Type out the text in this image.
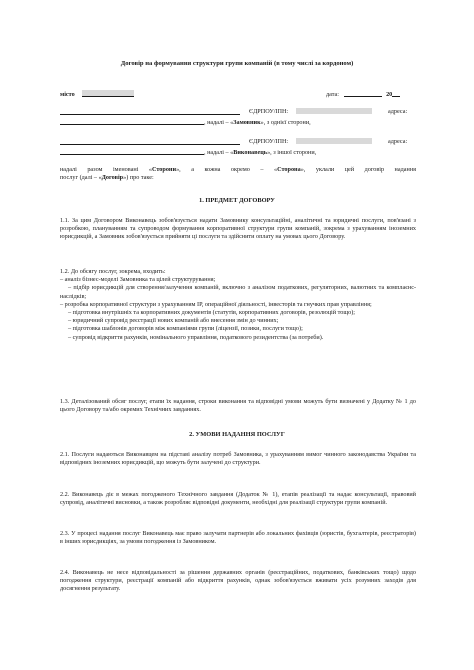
Договір на формування структури групи компаній (в тому числі за кордоном)
місто	дата:	20
ЄДРПОУ/ІПН:	адреса:
, надалі – «Замовник», з однієї сторони,
ЄДРПОУ/ІПН:	адреса:
, надалі – «Виконавець», з іншої сторони,

надалі разом іменовані «Сторони», а кожна окремо – «Сторона», уклали цей договір надання

послуг (далі – «Договір») про таке:

1. ПРЕДМЕТ ДОГОВОРУ

1.1. За цим Договором Виконавець зобов'язується надати Замовнику консультаційні, аналітичні та юридичні послуги, пов'язані з розробкою, плануванням та супроводом формування корпоративної структури групи компаній, зокрема з урахуванням іноземних юрисдикцій, а Замовник зобов'язується прийняти ці послуги та здійснити оплату на умовах цього Договору.

1.2. До обсягу послуг, зокрема, входить:

– аналіз бізнес-моделі Замовника та цілей структурування;

– підбір юрисдикцій для створення/залучення компаній, включно з аналізом податкових, регуляторних, валютних та комплаєнс-наслідків;

– розробка корпоративної структури з урахуванням IP, операційної діяльності, інвесторів та гнучких прав управління;

– підготовка внутрішніх та корпоративних документів (статутів, корпоративних договорів, резолюцій тощо);

– юридичний супровід реєстрації нових компаній або внесення змін до чинних;

– підготовка шаблонів договорів між компаніями групи (ліцензії, позики, послуги тощо);

– супровід відкриття рахунків, номінального управління, податкового резидентства (за потреби).

1.3. Деталізований обсяг послуг, етапи їх надання, строки виконання та відповідні умови можуть бути визначені у Додатку № 1 до цього Договору та/або окремих Технічних завданнях.

2. УМОВИ НАДАННЯ ПОСЛУГ

2.1. Послуги надаються Виконавцем на підставі аналізу потреб Замовника, з урахуванням вимог чинного законодавства України та відповідних іноземних юрисдикцій, що можуть бути залучені до структури.

2.2. Виконавець діє в межах погодженого Технічного завдання (Додаток № 1), етапів реалізації та надає консультації, правовий супровід, аналітичні висновки, а також розробляє відповідні документи, необхідні для реалізації структури групи компаній.

2.3. У процесі надання послуг Виконавець має право залучати партнерів або локальних фахівців (юристів, бухгалтерів, реєстраторів) в інших юрисдикціях, за умови погодження із Замовником.

2.4. Виконавець не несе відповідальності за рішення державних органів (реєстраційних, податкових, банківських тощо) щодо погодження структури, реєстрації компаній або відкриття рахунків, однак зобов'язується вживати усіх розумних заходів для досягнення результату.
